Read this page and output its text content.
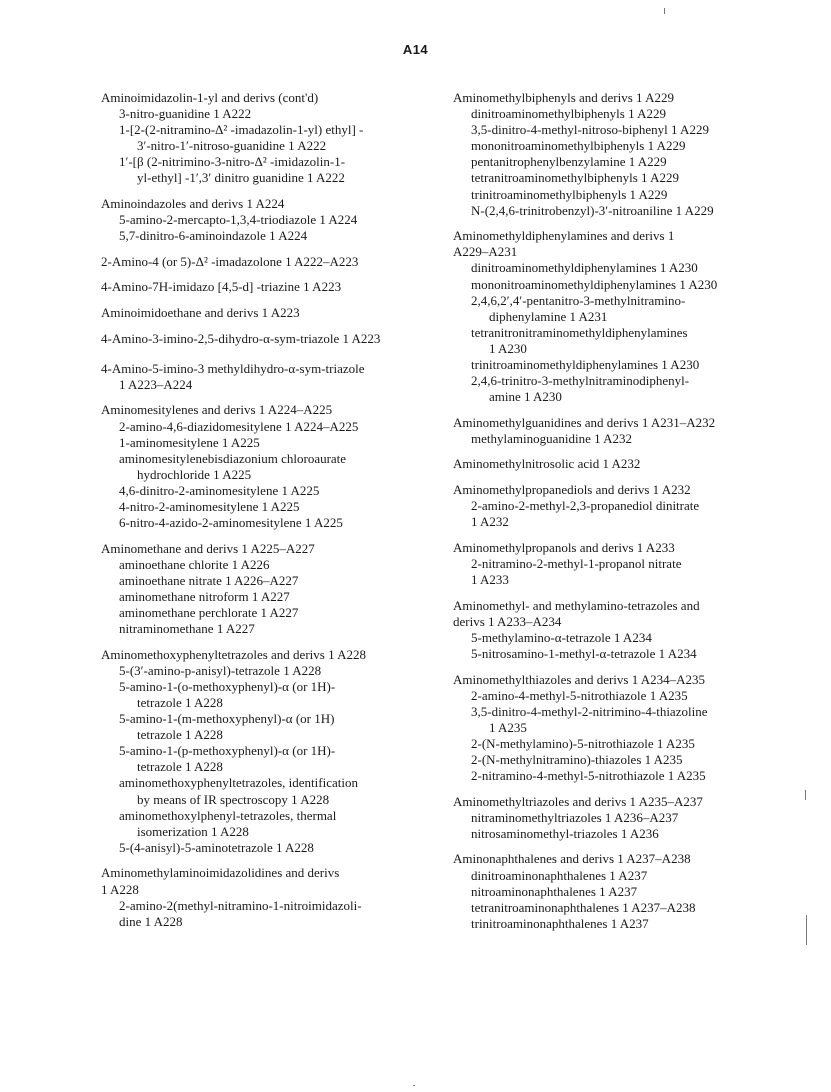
A14
Aminoimidazolin-1-yl and derivs (cont'd)
3-nitro-guanidine 1 A222
1-[2-(2-nitramino-Δ² -imadazolin-1-yl) ethyl] -
3′-nitro-1′-nitroso-guanidine 1 A222
1′-[β (2-nitrimino-3-nitro-Δ² -imidazolin-1-
yl-ethyl] -1′,3′ dinitro guanidine 1 A222
Aminoindazoles and derivs 1 A224
5-amino-2-mercapto-1,3,4-triodiazole 1 A224
5,7-dinitro-6-aminoindazole 1 A224
2-Amino-4 (or 5)-Δ² -imadazolone 1 A222–A223
4-Amino-7H-imidazo [4,5-d] -triazine 1 A223
Aminoimidoethane and derivs 1 A223
4-Amino-3-imino-2,5-dihydro-α-sym-triazole 1 A223
4-Amino-5-imino-3 methyldihydro-α-sym-triazole
1 A223–A224
Aminomesitylenes and derivs 1 A224–A225
2-amino-4,6-diazidomesitylene 1 A224–A225
1-aminomesitylene 1 A225
aminomesitylenebisdiazonium chloroaurate
hydrochloride 1 A225
4,6-dinitro-2-aminomesitylene 1 A225
4-nitro-2-aminomesitylene 1 A225
6-nitro-4-azido-2-aminomesitylene 1 A225
Aminomethane and derivs 1 A225–A227
aminoethane chlorite 1 A226
aminoethane nitrate 1 A226–A227
aminomethane nitroform 1 A227
aminomethane perchlorate 1 A227
nitraminomethane 1 A227
Aminomethoxyphenyltetrazoles and derivs 1 A228
5-(3′-amino-p-anisyl)-tetrazole 1 A228
5-amino-1-(o-methoxyphenyl)-α (or 1H)-
tetrazole 1 A228
5-amino-1-(m-methoxyphenyl)-α (or 1H)
tetrazole 1 A228
5-amino-1-(p-methoxyphenyl)-α (or 1H)-
tetrazole 1 A228
aminomethoxyphenyltetrazoles, identification
by means of IR spectroscopy 1 A228
aminomethoxylphenyl-tetrazoles, thermal
isomerization 1 A228
5-(4-anisyl)-5-aminotetrazole 1 A228
Aminomethylaminoimidazolidines and derivs
1 A228
2-amino-2(methyl-nitramino-1-nitroimidazoli-
dine 1 A228
Aminomethylbiphenyls and derivs 1 A229
dinitroaminomethylbiphenyls 1 A229
3,5-dinitro-4-methyl-nitroso-biphenyl 1 A229
mononitroaminomethylbiphenyls 1 A229
pentanitrophenylbenzylamine 1 A229
tetranitroaminomethylbiphenyls 1 A229
trinitroaminomethylbiphenyls 1 A229
N-(2,4,6-trinitrobenzyl)-3′-nitroaniline 1 A229
Aminomethyldiphenylamines and derivs 1
A229–A231
dinitroaminomethyldiphenylamines 1 A230
mononitroaminomethyldiphenylamines 1 A230
2,4,6,2′,4′-pentanitro-3-methylnitramino-
diphenylamine 1 A231
tetranitronitraminomethyldiphenylamines
1 A230
trinitroaminomethyldiphenylamines 1 A230
2,4,6-trinitro-3-methylnitraminodiphenyl-
amine 1 A230
Aminomethylguanidines and derivs 1 A231–A232
methylaminoguanidine 1 A232
Aminomethylnitrosolic acid 1 A232
Aminomethylpropanediols and derivs 1 A232
2-amino-2-methyl-2,3-propanediol dinitrate
1 A232
Aminomethylpropanols and derivs 1 A233
2-nitramino-2-methyl-1-propanol nitrate
1 A233
Aminomethyl- and methylamino-tetrazoles and
derivs 1 A233–A234
5-methylamino-α-tetrazole 1 A234
5-nitrosamino-1-methyl-α-tetrazole 1 A234
Aminomethylthiazoles and derivs 1 A234–A235
2-amino-4-methyl-5-nitrothiazole 1 A235
3,5-dinitro-4-methyl-2-nitrimino-4-thiazoline
1 A235
2-(N-methylamino)-5-nitrothiazole 1 A235
2-(N-methylnitramino)-thiazoles 1 A235
2-nitramino-4-methyl-5-nitrothiazole 1 A235
Aminomethyltriazoles and derivs 1 A235–A237
nitraminomethyltriazoles 1 A236–A237
nitrosaminomethyl-triazoles 1 A236
Aminonaphthalenes and derivs 1 A237–A238
dinitroaminonaphthalenes 1 A237
nitroaminonaphthalenes 1 A237
tetranitroaminonaphthalenes 1 A237–A238
trinitroaminonaphthalenes 1 A237
